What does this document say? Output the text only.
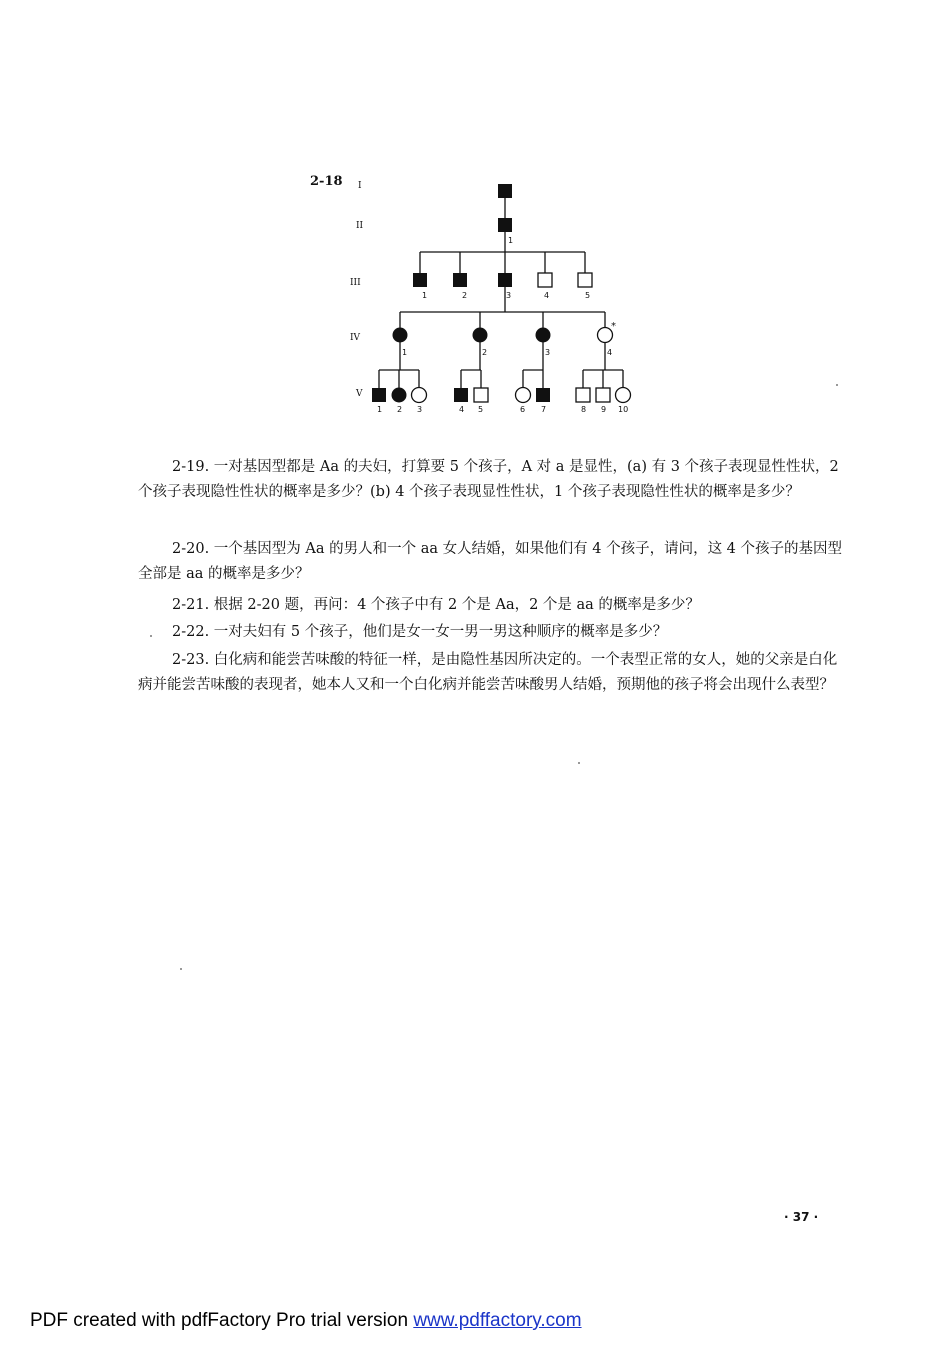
2-18 I
II
III
IV
V
1
1	2	3	4	5
1	2	3	4
*
1 2 3	4 5	6 7	8 9 10

2-19. 一对基因型都是 Aa 的夫妇，打算要 5 个孩子，A 对 a 是显性，(a) 有 3 个孩子表现显性性状，2 个孩子表现隐性性状的概率是多少？(b) 4 个孩子表现显性性状，1 个孩子表现隐性性状的概率是多少？

2-20. 一个基因型为 Aa 的男人和一个 aa 女人结婚，如果他们有 4 个孩子，请问，这 4 个孩子的基因型全部是 aa 的概率是多少？

2-21. 根据 2-20 题，再问：4 个孩子中有 2 个是 Aa，2 个是 aa 的概率是多少？

2-22. 一对夫妇有 5 个孩子，他们是女一女一男一男这种顺序的概率是多少？

2-23. 白化病和能尝苦味酸的特征一样，是由隐性基因所决定的。一个表型正常的女人，她的父亲是白化病并能尝苦味酸的表现者，她本人又和一个白化病并能尝苦味酸男人结婚，预期他的孩子将会出现什么表型？

· 37 ·
PDF created with pdfFactory Pro trial version www.pdffactory.com
